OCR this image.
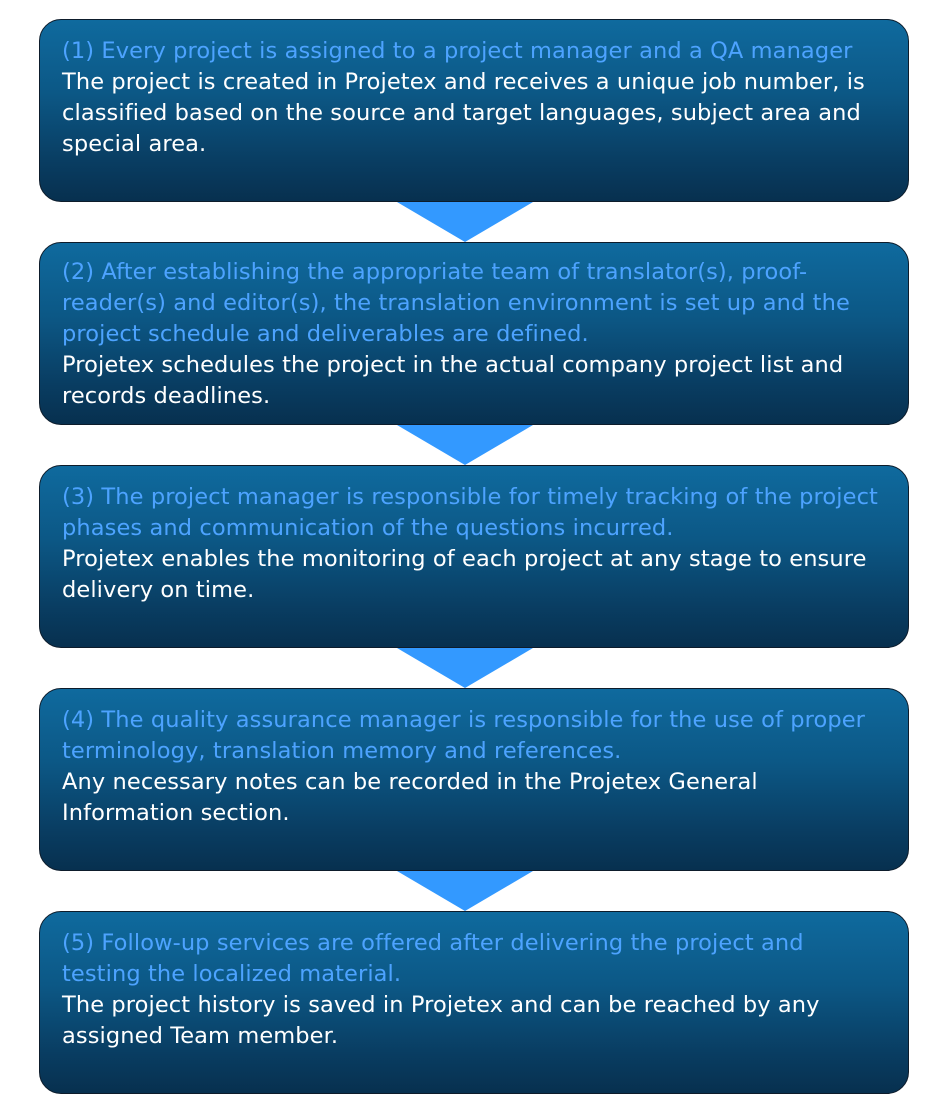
(1) Every project is assigned to a project manager and a QA manager
The project is created in Projetex and receives a unique job number, is classified based on the source and target languages, subject area and special area.
(2) After establishing the appropriate team of translator(s), proof-reader(s) and editor(s), the translation environment is set up and the project schedule and deliverables are defined.
Projetex schedules the project in the actual company project list and records deadlines.
(3) The project manager is responsible for timely tracking of the project phases and communication of the questions incurred.
Projetex enables the monitoring of each project at any stage to ensure delivery on time.
(4) The quality assurance manager is responsible for the use of proper terminology, translation memory and references.
Any necessary notes can be recorded in the Projetex General Information section.
(5) Follow-up services are offered after delivering the project and testing the localized material.
The project history is saved in Projetex and can be reached by any assigned Team member.
